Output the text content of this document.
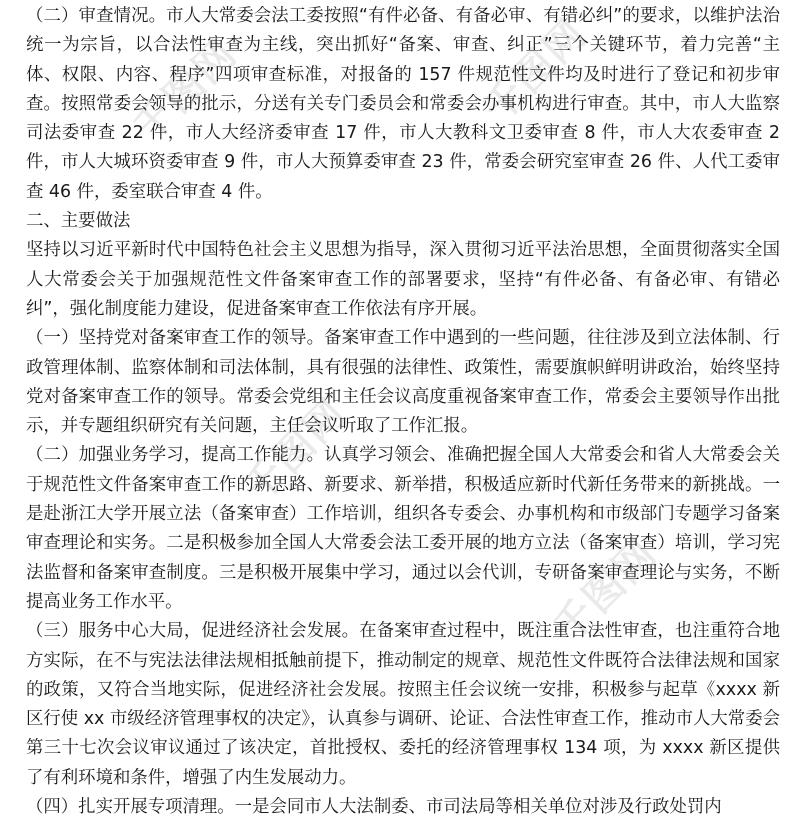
千图网	千图网
千图网
千图网

（二）审查情况。市人大常委会法工委按照“有件必备、有备必审、有错必纠”的要求，以维护法治统一为宗旨，以合法性审查为主线，突出抓好“备案、审查、纠正”三个关键环节，着力完善“主体、权限、内容、程序”四项审查标准，对报备的 157 件规范性文件均及时进行了登记和初步审查。按照常委会领导的批示，分送有关专门委员会和常委会办事机构进行审查。其中，市人大监察司法委审查 22 件，市人大经济委审查 17 件，市人大教科文卫委审查 8 件，市人大农委审查 2 件，市人大城环资委审查 9 件，市人大预算委审查 23 件，常委会研究室审查 26 件、人代工委审查 46 件，委室联合审查 4 件。

二、主要做法

坚持以习近平新时代中国特色社会主义思想为指导，深入贯彻习近平法治思想，全面贯彻落实全国人大常委会关于加强规范性文件备案审查工作的部署要求，坚持“有件必备、有备必审、有错必纠”，强化制度能力建设，促进备案审查工作依法有序开展。

（一）坚持党对备案审查工作的领导。备案审查工作中遇到的一些问题，往往涉及到立法体制、行政管理体制、监察体制和司法体制，具有很强的法律性、政策性，需要旗帜鲜明讲政治，始终坚持党对备案审查工作的领导。常委会党组和主任会议高度重视备案审查工作，常委会主要领导作出批示，并专题组织研究有关问题，主任会议听取了工作汇报。

（二）加强业务学习，提高工作能力。认真学习领会、准确把握全国人大常委会和省人大常委会关于规范性文件备案审查工作的新思路、新要求、新举措，积极适应新时代新任务带来的新挑战。一是赴浙江大学开展立法（备案审查）工作培训，组织各专委会、办事机构和市级部门专题学习备案审查理论和实务。二是积极参加全国人大常委会法工委开展的地方立法（备案审查）培训，学习宪法监督和备案审查制度。三是积极开展集中学习，通过以会代训，专研备案审查理论与实务，不断提高业务工作水平。

（三）服务中心大局，促进经济社会发展。在备案审查过程中，既注重合法性审查，也注重符合地方实际，在不与宪法法律法规相抵触前提下，推动制定的规章、规范性文件既符合法律法规和国家的政策，又符合当地实际，促进经济社会发展。按照主任会议统一安排，积极参与起草《xxxx 新区行使 xx 市级经济管理事权的决定》，认真参与调研、论证、合法性审查工作，推动市人大常委会第三十七次会议审议通过了该决定，首批授权、委托的经济管理事权 134 项，为 xxxx 新区提供了有利环境和条件，增强了内生发展动力。

（四）扎实开展专项清理。一是会同市人大法制委、市司法局等相关单位对涉及行政处罚内
